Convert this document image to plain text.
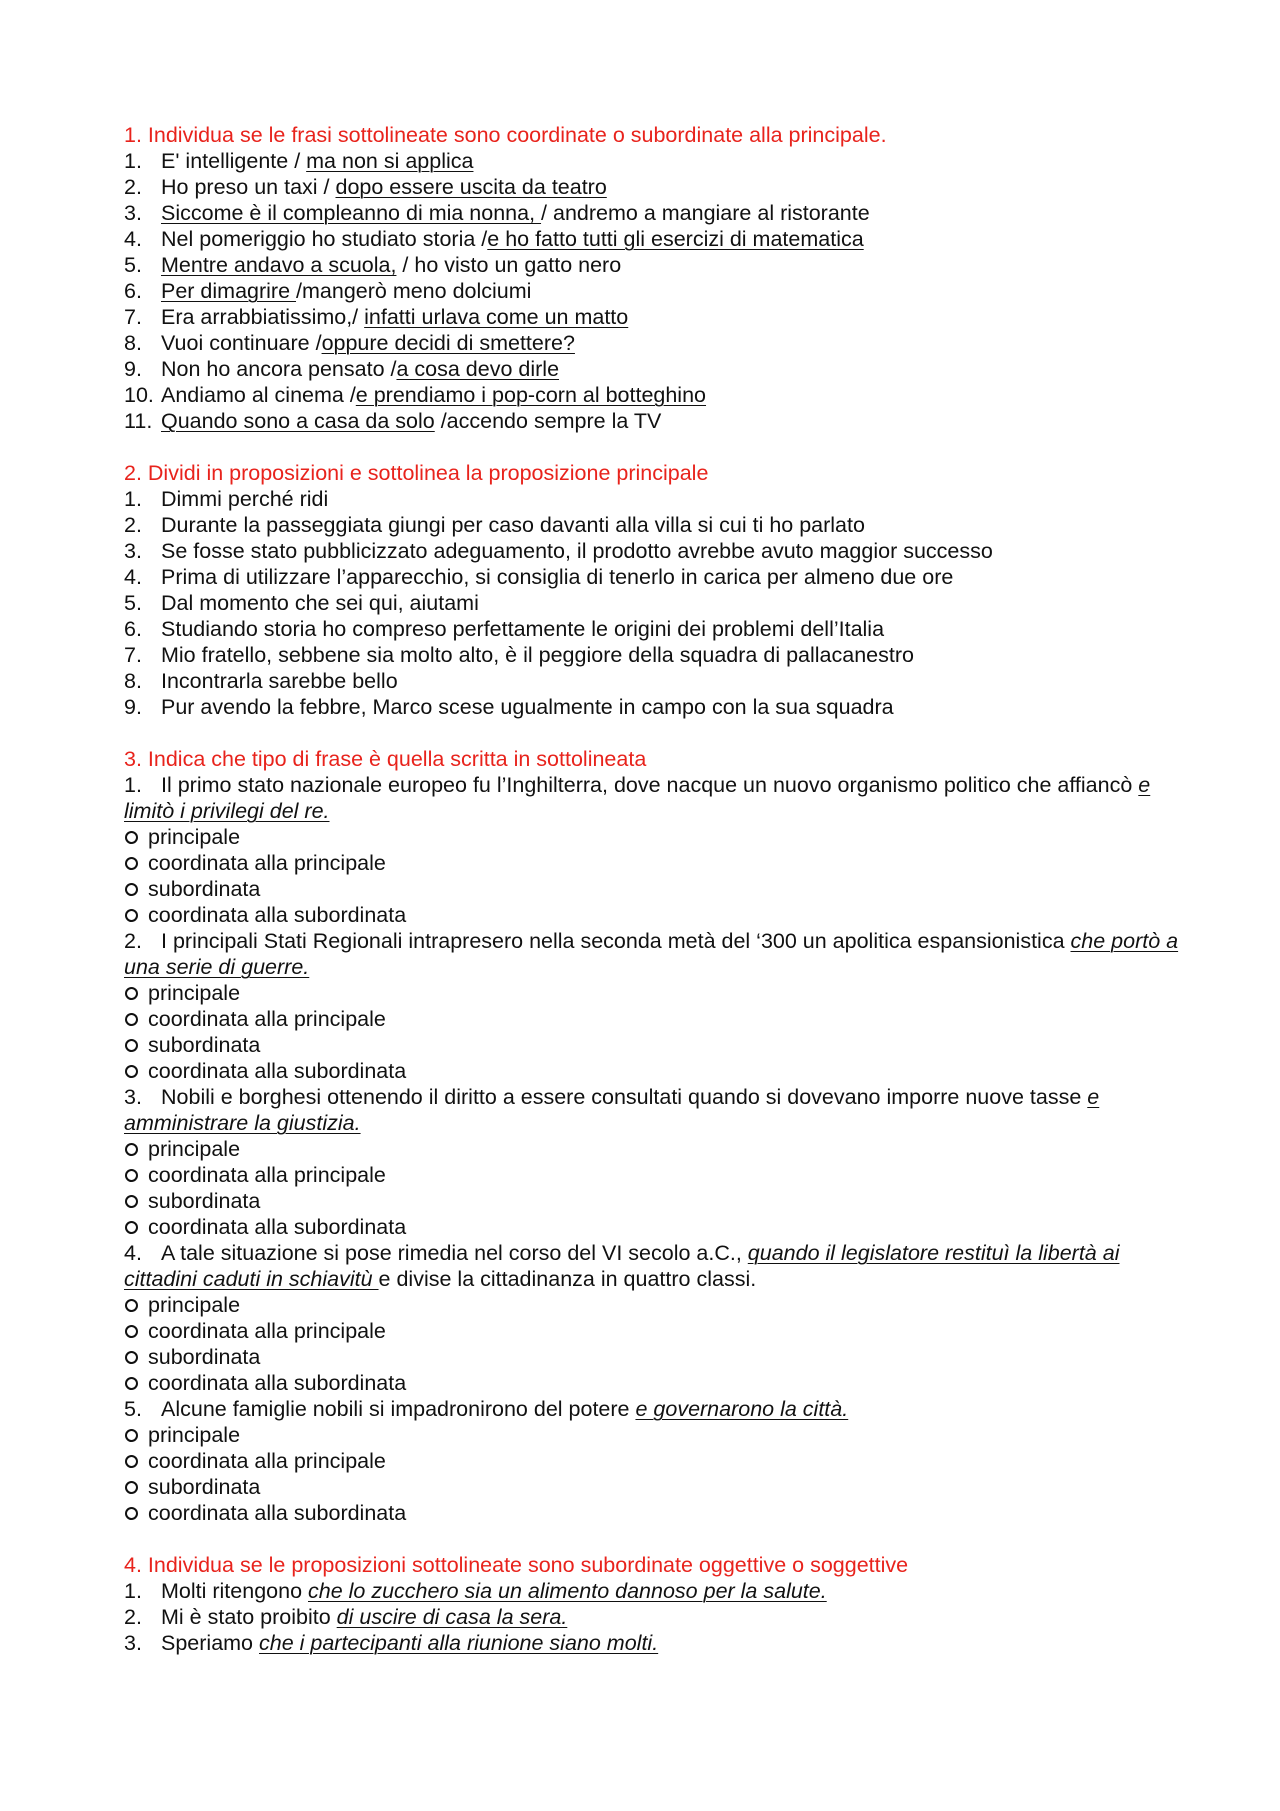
1. Individua se le frasi sottolineate sono coordinate o subordinate alla principale.
1. E' intelligente / ma non si applica
2. Ho preso un taxi / dopo essere uscita da teatro
3. Siccome è il compleanno di mia nonna, / andremo a mangiare al ristorante
4. Nel pomeriggio ho studiato storia /e ho fatto tutti gli esercizi di matematica
5. Mentre andavo a scuola, / ho visto un gatto nero
6. Per dimagrire /mangerò meno dolciumi
7. Era arrabbiatissimo,/ infatti urlava come un matto
8. Vuoi continuare /oppure decidi di smettere?
9. Non ho ancora pensato /a cosa devo dirle
10. Andiamo al cinema /e prendiamo i pop-corn al botteghino
11. Quando sono a casa da solo /accendo sempre la TV
2. Dividi in proposizioni e sottolinea la proposizione principale
1. Dimmi perché ridi
2. Durante la passeggiata giungi per caso davanti alla villa si cui ti ho parlato
3. Se fosse stato pubblicizzato adeguamento, il prodotto avrebbe avuto maggior successo
4. Prima di utilizzare l’apparecchio, si consiglia di tenerlo in carica per almeno due ore
5. Dal momento che sei qui, aiutami
6. Studiando storia ho compreso perfettamente le origini dei problemi dell’Italia
7. Mio fratello, sebbene sia molto alto, è il peggiore della squadra di pallacanestro
8. Incontrarla sarebbe bello
9. Pur avendo la febbre, Marco scese ugualmente in campo con la sua squadra
3. Indica che tipo di frase è quella scritta in sottolineata
1. Il primo stato nazionale europeo fu l’Inghilterra, dove nacque un nuovo organismo politico che affiancò e limitò i privilegi del re.
principale
coordinata alla principale
subordinata
coordinata alla subordinata
2. I principali Stati Regionali intrapresero nella seconda metà del ‘300 un apolitica espansionistica che portò a una serie di guerre.
principale
coordinata alla principale
subordinata
coordinata alla subordinata
3. Nobili e borghesi ottenendo il diritto a essere consultati quando si dovevano imporre nuove tasse e amministrare la giustizia.
principale
coordinata alla principale
subordinata
coordinata alla subordinata
4. A tale situazione si pose rimedia nel corso del VI secolo a.C., quando il legislatore restituì la libertà ai cittadini caduti in schiavitù e divise la cittadinanza in quattro classi.
principale
coordinata alla principale
subordinata
coordinata alla subordinata
5. Alcune famiglie nobili si impadronirono del potere e governarono la città.
principale
coordinata alla principale
subordinata
coordinata alla subordinata
4. Individua se le proposizioni sottolineate sono subordinate oggettive o soggettive
1. Molti ritengono che lo zucchero sia un alimento dannoso per la salute.
2. Mi è stato proibito di uscire di casa la sera.
3. Speriamo che i partecipanti alla riunione siano molti.
